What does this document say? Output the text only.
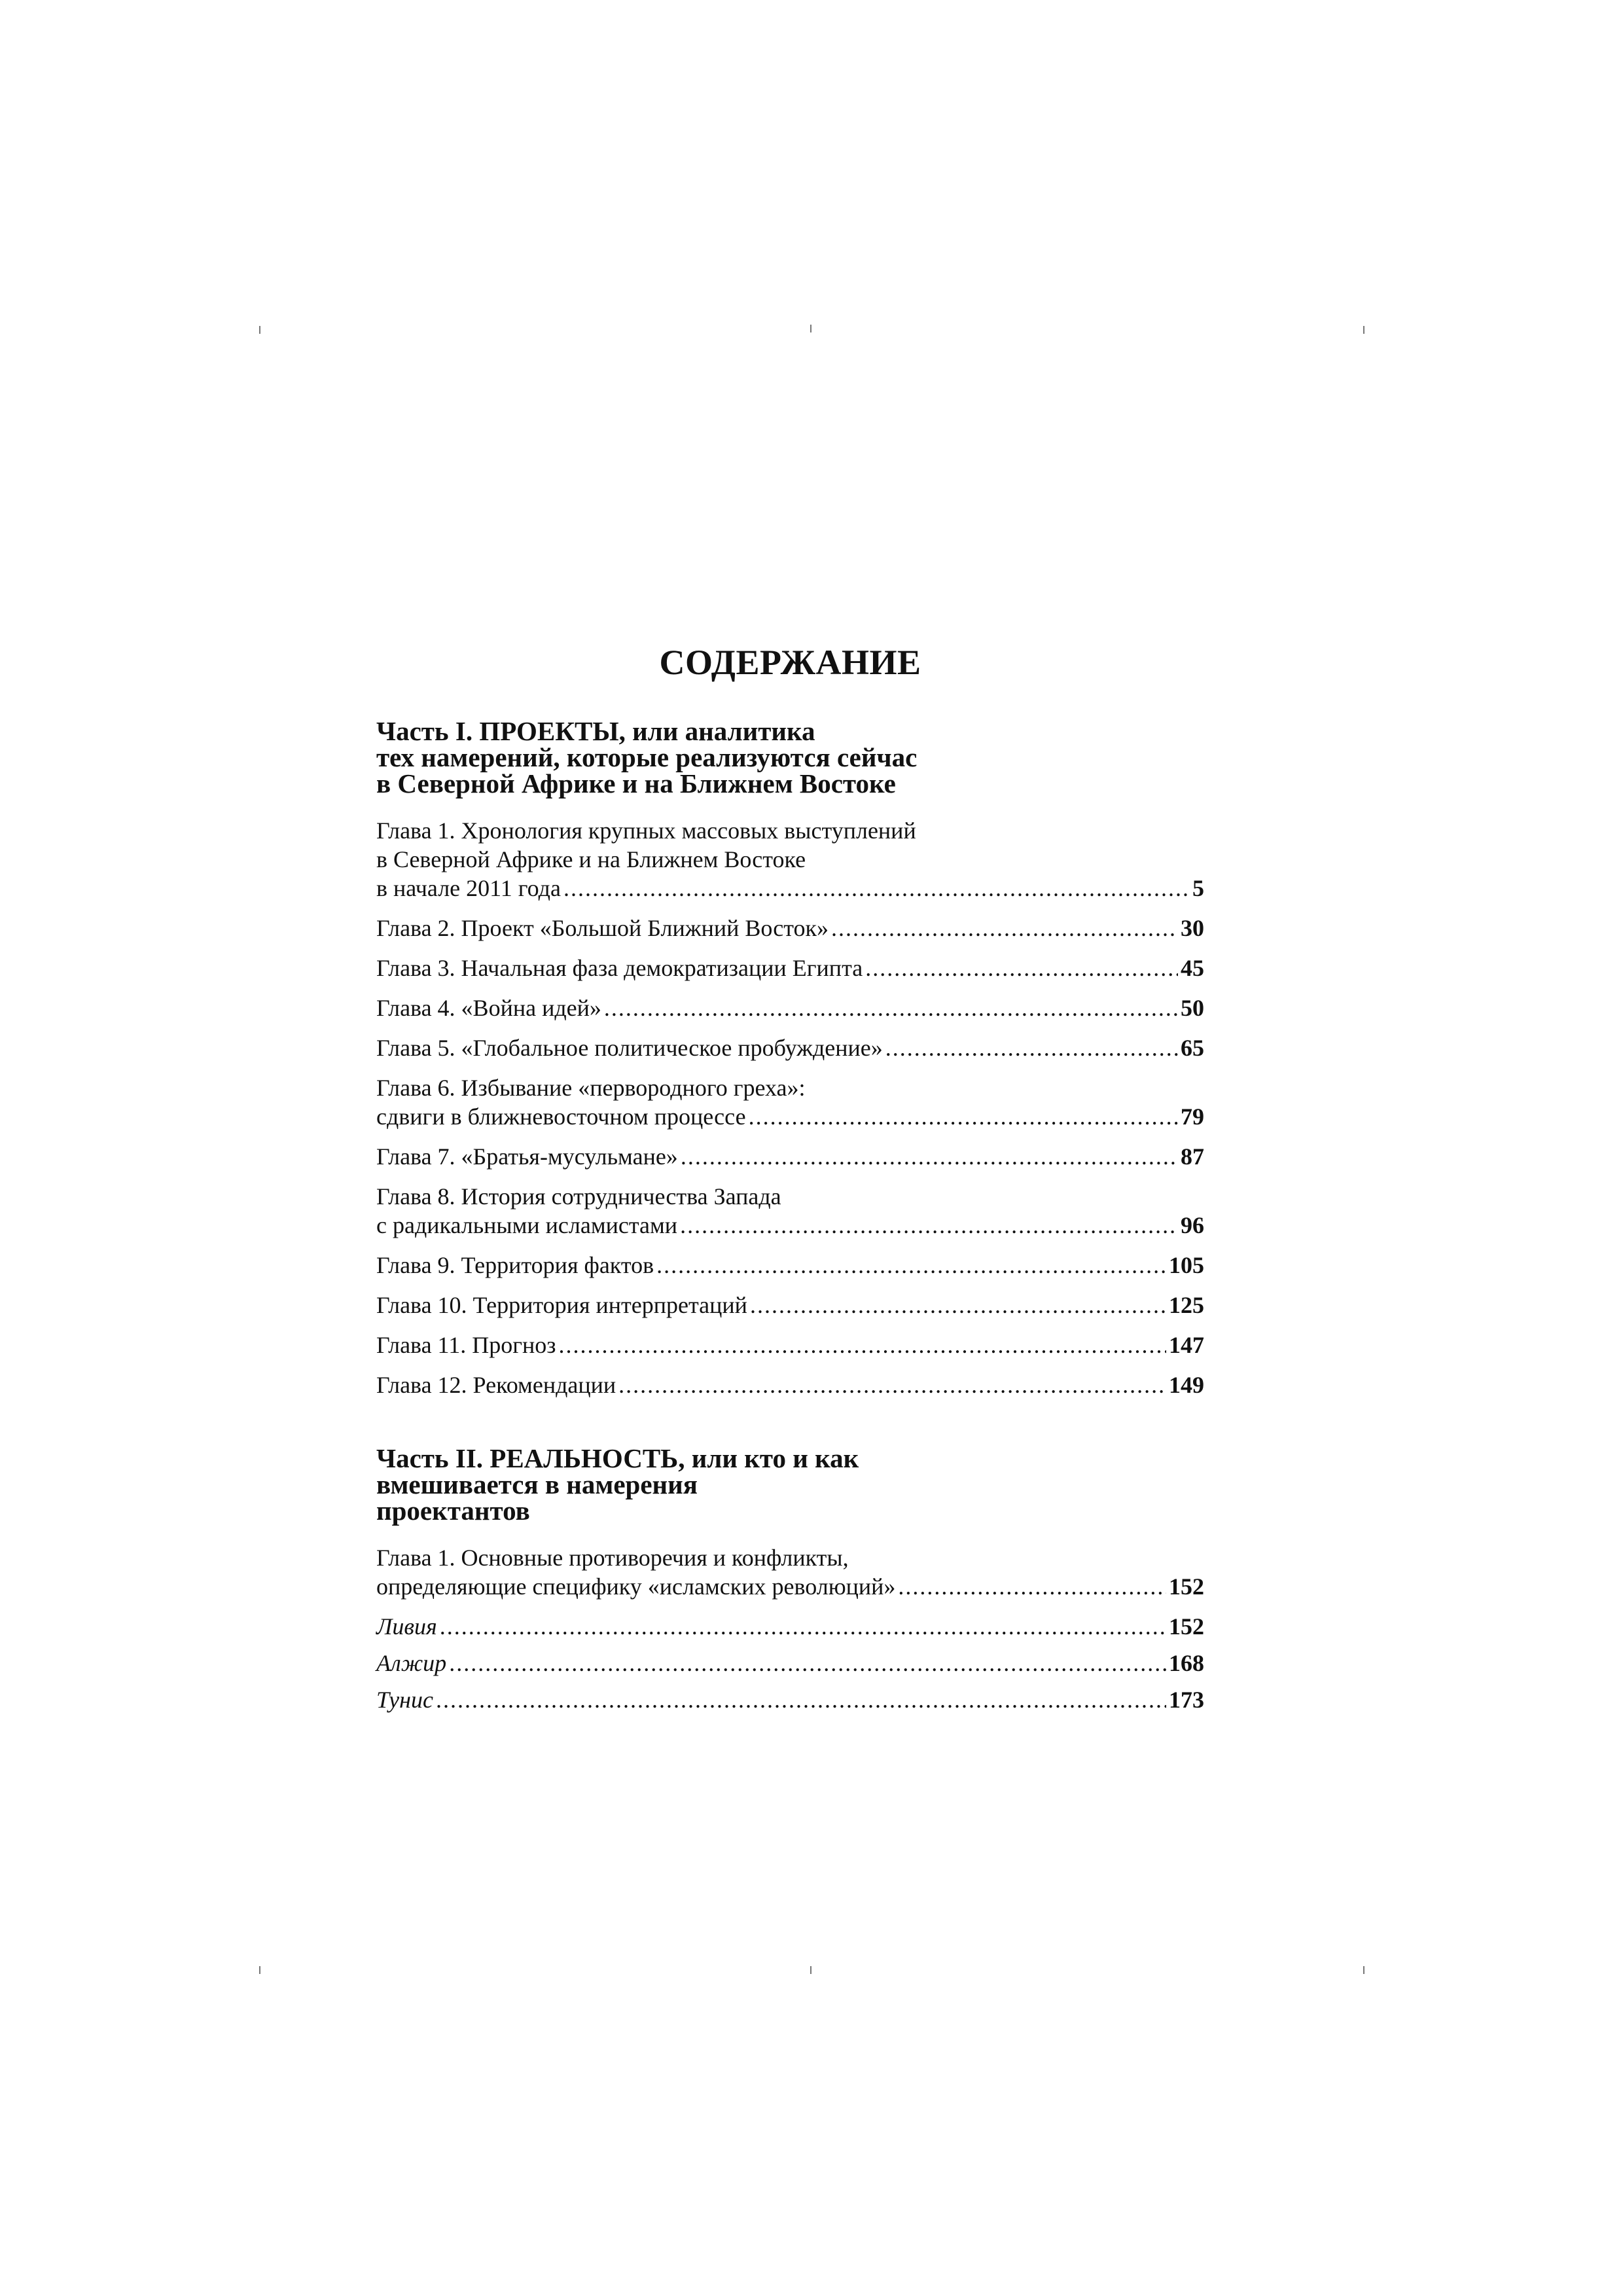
СОДЕРЖАНИЕ
Часть I. ПРОЕКТЫ, или аналитика
тех намерений, которые реализуются сейчас
в Северной Африке и на Ближнем Востоке
Глава 1. Хронология крупных массовых выступлений
в Северной Африке и на Ближнем Востоке
в начале 2011 года .....	5
Глава 2. Проект «Большой Ближний Восток» .....	30
Глава 3. Начальная фаза демократизации Египта .....	45
Глава 4. «Война идей» .....	50
Глава 5. «Глобальное политическое пробуждение» .....	65
Глава 6. Избывание «первородного греха»:
сдвиги в ближневосточном процессе .....	79
Глава 7. «Братья-мусульмане» .....	87
Глава 8. История сотрудничества Запада
с радикальными исламистами .....	96
Глава 9. Территория фактов .....	105
Глава 10. Территория интерпретаций .....	125
Глава 11. Прогноз .....	147
Глава 12. Рекомендации .....	149
Часть II. РЕАЛЬНОСТЬ, или кто и как
вмешивается в намерения
проектантов
Глава 1. Основные противоречия и конфликты,
определяющие специфику «исламских революций» .....	152
Ливия .....	152
Алжир .....	168
Тунис .....	173
